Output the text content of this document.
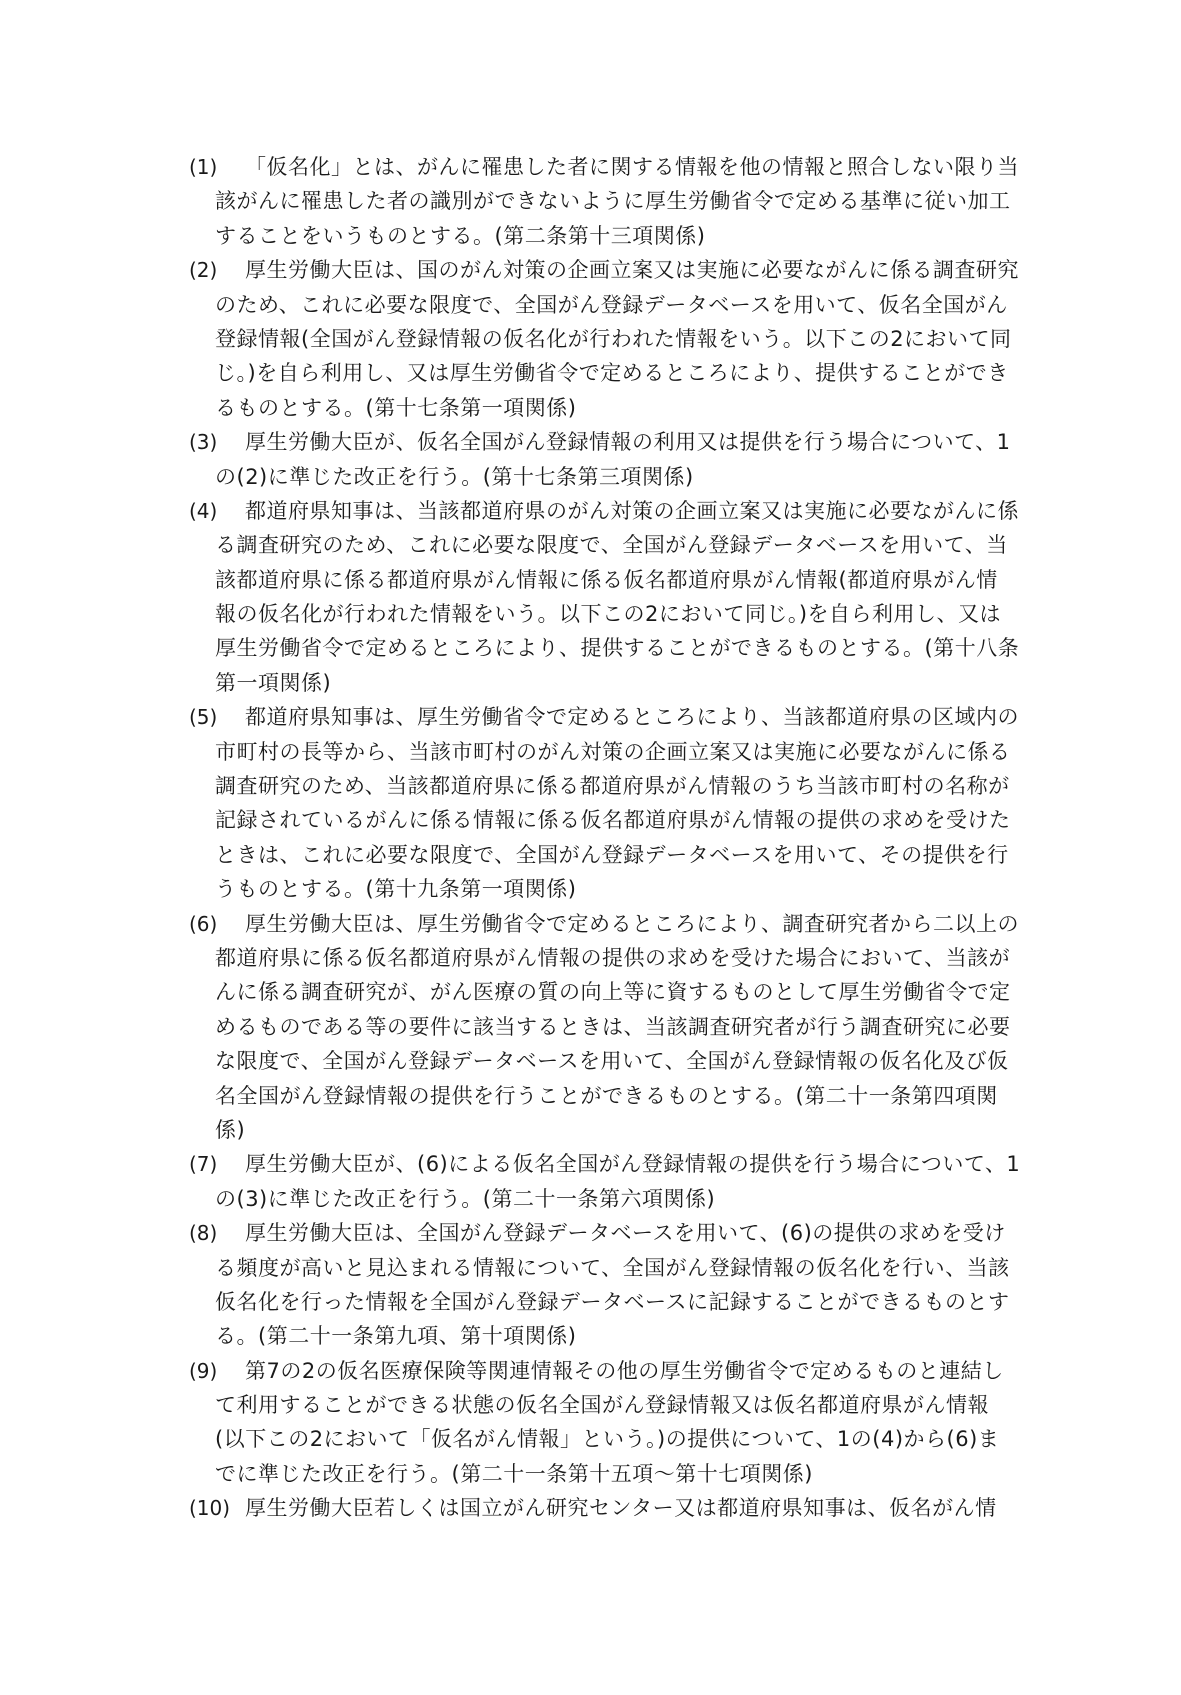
(1)	「仮名化」とは、がんに罹患した者に関する情報を他の情報と照合しない限り当
該がんに罹患した者の識別ができないように厚生労働省令で定める基準に従い加工
することをいうものとする。(第二条第十三項関係)
(2)	厚生労働大臣は、国のがん対策の企画立案又は実施に必要ながんに係る調査研究
のため、これに必要な限度で、全国がん登録データベースを用いて、仮名全国がん
登録情報(全国がん登録情報の仮名化が行われた情報をいう。以下この2において同
じ。)を自ら利用し、又は厚生労働省令で定めるところにより、提供することができ
るものとする。(第十七条第一項関係)
(3)	厚生労働大臣が、仮名全国がん登録情報の利用又は提供を行う場合について、1
の(2)に準じた改正を行う。(第十七条第三項関係)
(4)	都道府県知事は、当該都道府県のがん対策の企画立案又は実施に必要ながんに係
る調査研究のため、これに必要な限度で、全国がん登録データベースを用いて、当
該都道府県に係る都道府県がん情報に係る仮名都道府県がん情報(都道府県がん情
報の仮名化が行われた情報をいう。以下この2において同じ。)を自ら利用し、又は
厚生労働省令で定めるところにより、提供することができるものとする。(第十八条
第一項関係)
(5)	都道府県知事は、厚生労働省令で定めるところにより、当該都道府県の区域内の
市町村の長等から、当該市町村のがん対策の企画立案又は実施に必要ながんに係る
調査研究のため、当該都道府県に係る都道府県がん情報のうち当該市町村の名称が
記録されているがんに係る情報に係る仮名都道府県がん情報の提供の求めを受けた
ときは、これに必要な限度で、全国がん登録データベースを用いて、その提供を行
うものとする。(第十九条第一項関係)
(6)	厚生労働大臣は、厚生労働省令で定めるところにより、調査研究者から二以上の
都道府県に係る仮名都道府県がん情報の提供の求めを受けた場合において、当該が
んに係る調査研究が、がん医療の質の向上等に資するものとして厚生労働省令で定
めるものである等の要件に該当するときは、当該調査研究者が行う調査研究に必要
な限度で、全国がん登録データベースを用いて、全国がん登録情報の仮名化及び仮
名全国がん登録情報の提供を行うことができるものとする。(第二十一条第四項関
係)
(7)	厚生労働大臣が、(6)による仮名全国がん登録情報の提供を行う場合について、1
の(3)に準じた改正を行う。(第二十一条第六項関係)
(8)	厚生労働大臣は、全国がん登録データベースを用いて、(6)の提供の求めを受け
る頻度が高いと見込まれる情報について、全国がん登録情報の仮名化を行い、当該
仮名化を行った情報を全国がん登録データベースに記録することができるものとす
る。(第二十一条第九項、第十項関係)
(9)	第7の2の仮名医療保険等関連情報その他の厚生労働省令で定めるものと連結し
て利用することができる状態の仮名全国がん登録情報又は仮名都道府県がん情報
(以下この2において「仮名がん情報」という。)の提供について、1の(4)から(6)ま
でに準じた改正を行う。(第二十一条第十五項～第十七項関係)
(10) 厚生労働大臣若しくは国立がん研究センター又は都道府県知事は、仮名がん情
